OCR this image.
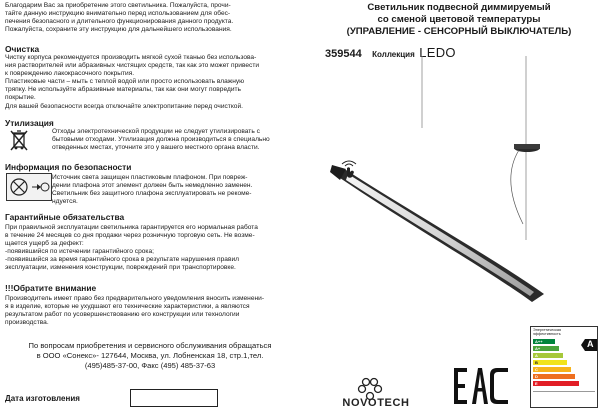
Благодарим Вас за приобретение этого светильника. Пожалуйста, прочи-
тайте данную инструкцию внимательно перед использованием для обес-
печения безопасного и длительного функционирования данного продукта.
Пожалуйста, сохраните эту инструкцию для дальнейшего использования.
Очистка
Чистку корпуса рекомендуется производить мягкой сухой тканью без использова-
ния растворителей или абразивных чистящих средств, так как это может привести
к повреждению лакокрасочного покрытия.
Пластиковые части – мыть с теплой водой или просто использовать влажную
тряпку. Не используйте абразивные материалы, так как они могут повредить
покрытие.
Для вашей безопасности всегда отключайте электропитание перед очисткой.
Утилизация
Отходы электротехнической продукции не следует утилизировать с
бытовыми отходами. Утилизация должна производиться в специально
отведенных местах, уточните это у вашего местного органа власти.
Информация по безопасности
Источник света защищен пластиковым плафоном. При повреж-
дении плафона этот элемент должен быть немедленно заменен.
Светильник без защитного плафона эксплуатировать не рекоме-
ндуется.
Гарантийные обязательства
При правильной эксплуатации светильника гарантируется его нормальная работа
в течение 24 месяцев со дня продажи через розничную торговую сеть. Не возме-
щается ущерб за дефект:
-появившийся по истечении гарантийного срока;
-появившийся за время гарантийного срока в результате нарушения правил
эксплуатации, изменения конструкции, повреждений при транспортировке.
!!!Обратите внимание
Производитель имеет право без предварительного уведомления вносить изменени-
я в изделие, которые не ухудшают его технические характеристики, а являются
результатом работ по усовершенствованию его конструкции или технологии
производства.
По вопросам приобретения и сервисного обслуживания обращаться
в ООО «Сонекс»- 127644, Москва, ул. Лобненская 18, стр.1,тел.
(495)485-37-00, Факс (495) 485-37-63
Дата изготовления
Светильник подвесной диммируемый
со сменой цветовой температуры
(УПРАВЛЕНИЕ - СЕНСОРНЫЙ ВЫКЛЮЧАТЕЛЬ)
359544 Коллекция LEDO
NOVOTECH
Энергетическая
эффективность
A++
A+
A
B
C
D
E
A
